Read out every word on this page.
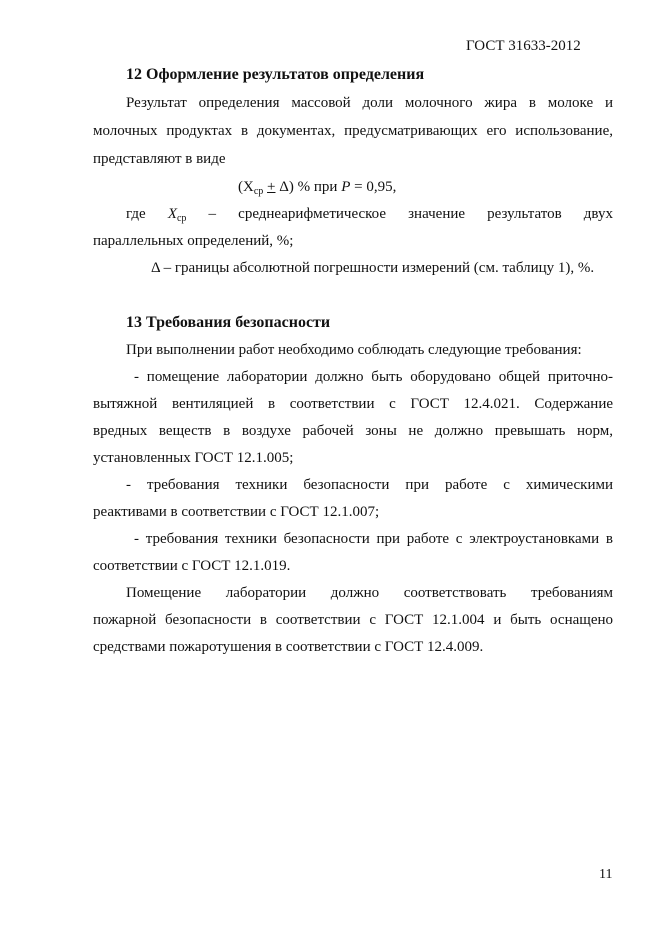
ГОСТ 31633-2012
12 Оформление результатов определения
Результат определения массовой доли молочного жира в молоке и
молочных продуктах в документах, предусматривающих его использование,
представляют в виде
$(X_{ср} + \Delta)$ % при P = 0,95,
где $X_{ср}$ – среднеарифметическое значение результатов двух
параллельных определений, %;
Δ – границы абсолютной погрешности измерений (см. таблицу 1), %.
13 Требования безопасности
При выполнении работ необходимо соблюдать следующие требования:
- помещение лаборатории должно быть оборудовано общей приточно-
вытяжной вентиляцией в соответствии с ГОСТ 12.4.021. Содержание
вредных веществ в воздухе рабочей зоны не должно превышать норм,
установленных ГОСТ 12.1.005;
- требования техники безопасности при работе с химическими
реактивами в соответствии с ГОСТ 12.1.007;
- требования техники безопасности при работе с электроустановками в
соответствии с ГОСТ 12.1.019.
Помещение лаборатории должно соответствовать требованиям
пожарной безопасности в соответствии с ГОСТ 12.1.004 и быть оснащено
средствами пожаротушения в соответствии с ГОСТ 12.4.009.
11
